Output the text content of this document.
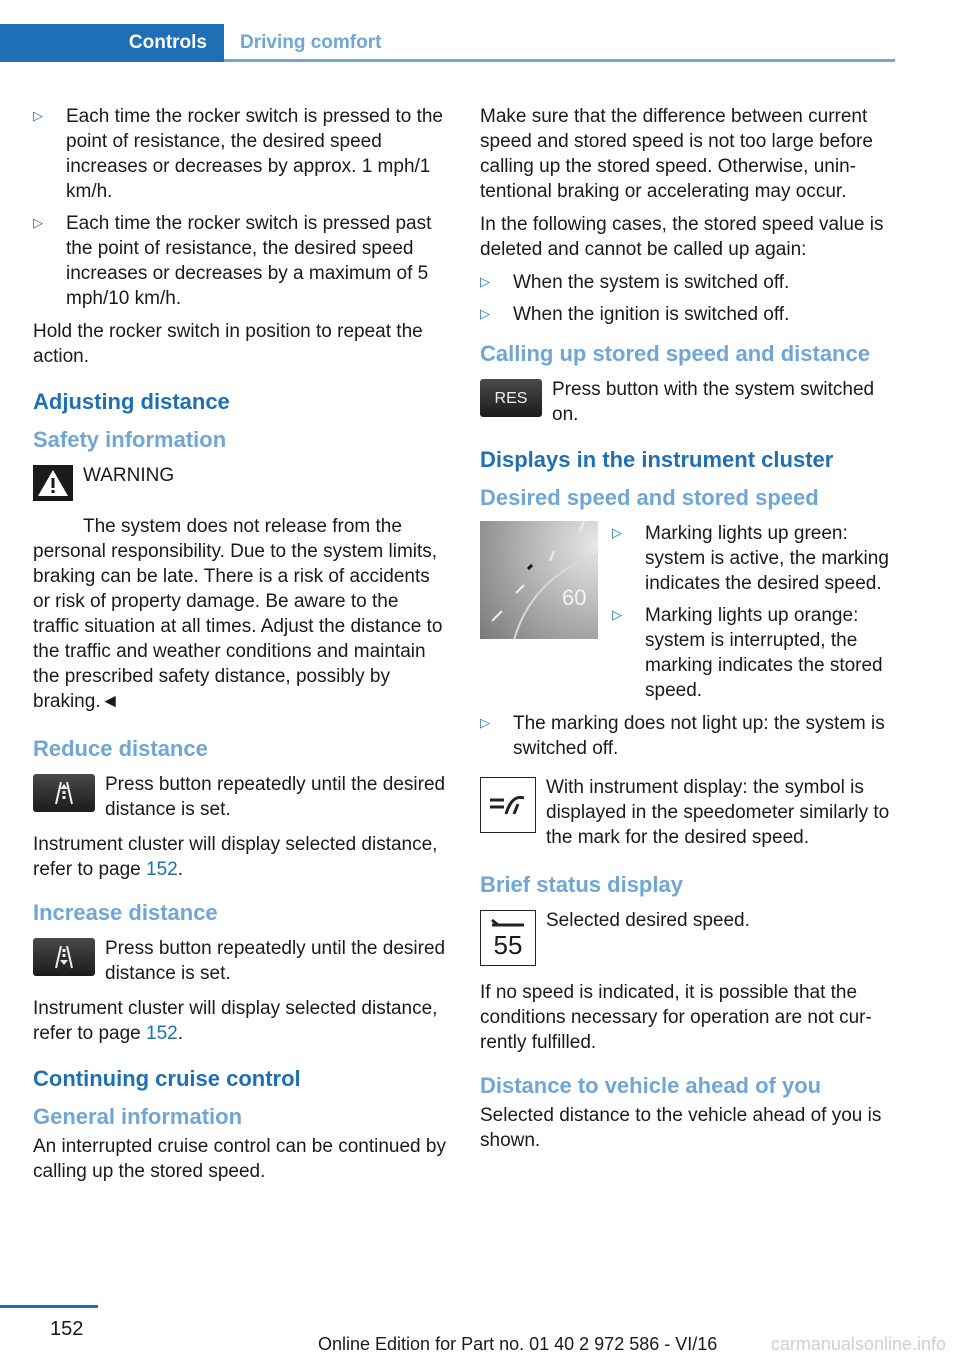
Controls Driving comfort
▷ Each time the rocker switch is pressed to the point of resistance, the desired speed increases or decreases by approx. 1 mph/1 km/h.
▷ Each time the rocker switch is pressed past the point of resistance, the desired speed increases or decreases by a maximum of 5 mph/10 km/h.

Hold the rocker switch in position to repeat the action.

Adjusting distance
Safety information
WARNING

The system does not release from the personal responsibility. Due to the system limits, braking can be late. There is a risk of accidents or risk of property damage. Be aware to the traffic situation at all times. Adjust the distance to the traffic and weather conditions and maintain the prescribed safety distance, possibly by braking.◄

Reduce distance
Press button repeatedly until the desired distance is set.

Instrument cluster will display selected distance, refer to page 152.

Increase distance
Press button repeatedly until the desired distance is set.

Instrument cluster will display selected distance, refer to page 152.

Continuing cruise control
General information

An interrupted cruise control can be continued by calling up the stored speed.

Make sure that the difference between current speed and stored speed is not too large before calling up the stored speed. Otherwise, unintentional braking or accelerating may occur.

In the following cases, the stored speed value is deleted and cannot be called up again:

▷ When the system is switched off.
▷ When the ignition is switched off.
Calling up stored speed and distance
RES Press button with the system switched on.
Displays in the instrument cluster
Desired speed and stored speed
60
▷ Marking lights up green: system is active, the marking indicates the desired speed.
▷ Marking lights up orange: system is interrupted, the marking indicates the stored speed.
▷ The marking does not light up: the system is switched off.
With instrument display: the symbol is displayed in the speedometer similarly to the mark for the desired speed.
Brief status display
55
Selected desired speed.

If no speed is indicated, it is possible that the conditions necessary for operation are not currently fulfilled.

Distance to vehicle ahead of you

Selected distance to the vehicle ahead of you is shown.

152
Online Edition for Part no. 01 40 2 972 586 - VI/16	carmanualsonline.info
